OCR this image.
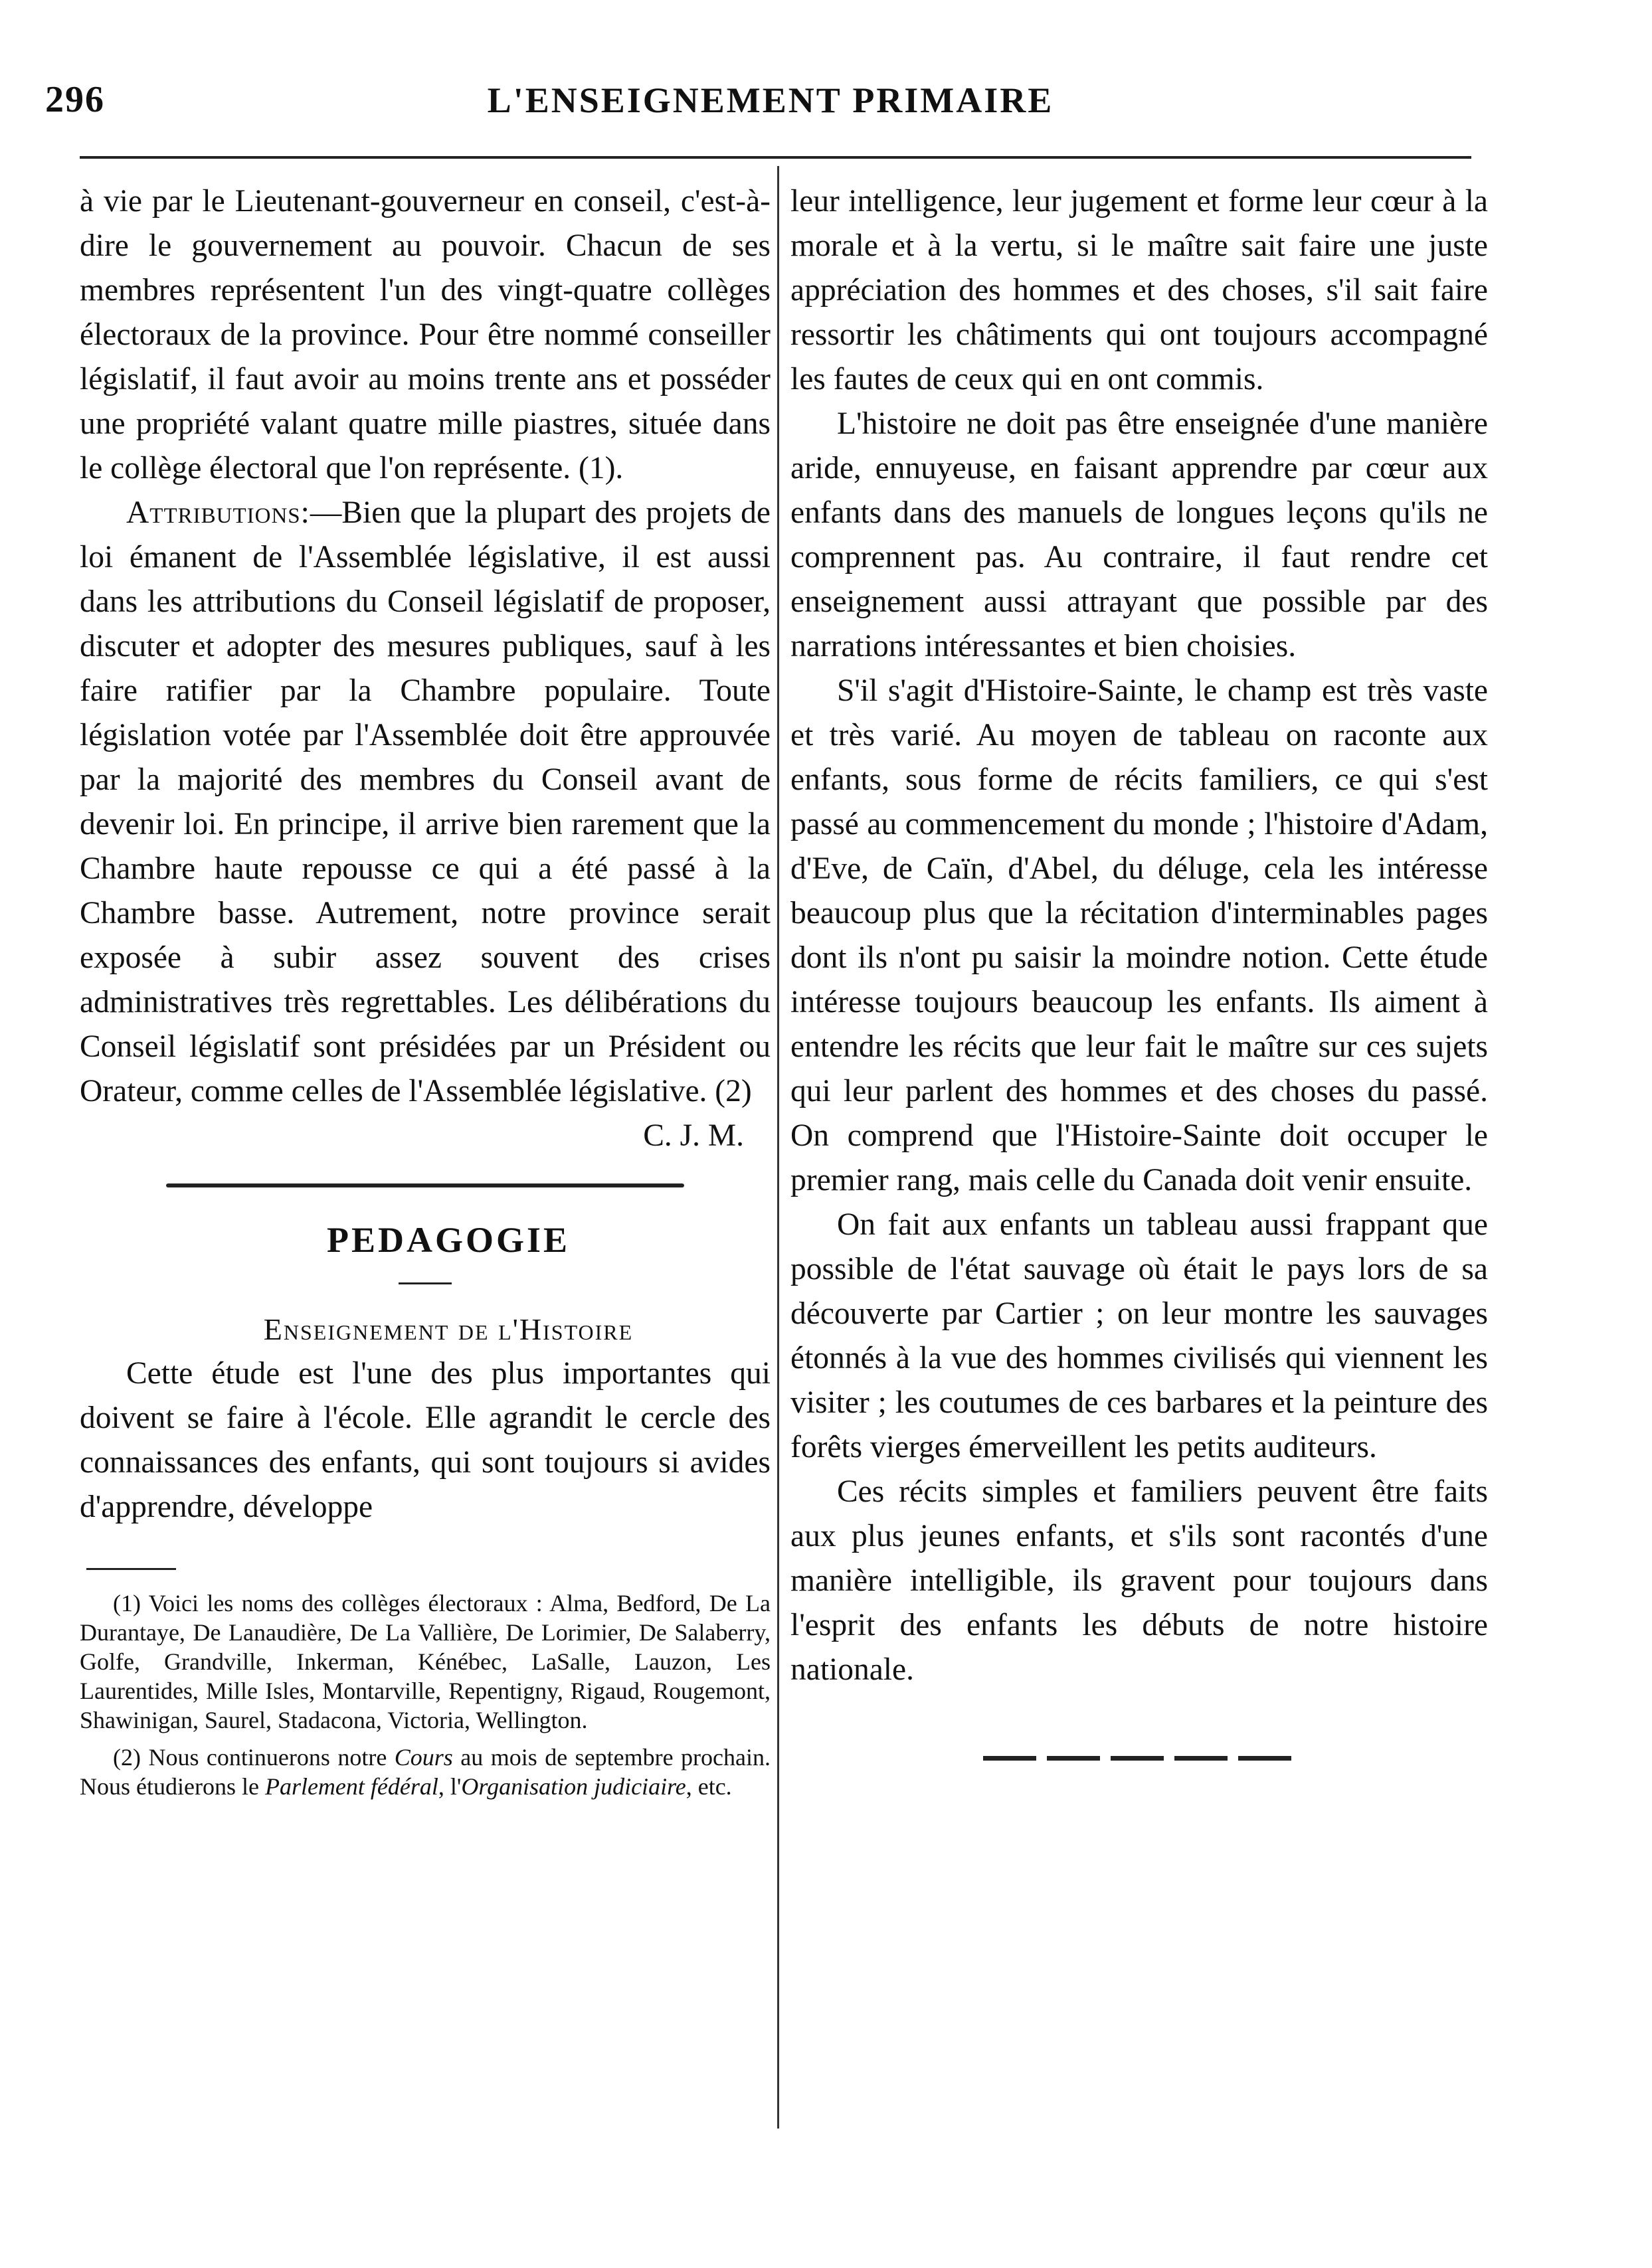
296	L'ENSEIGNEMENT PRIMAIRE

à vie par le Lieutenant-gouverneur en conseil, c'est-à-dire le gouvernement au pouvoir. Chacun de ses membres représentent l'un des vingt-quatre collèges électoraux de la province. Pour être nommé conseiller législatif, il faut avoir au moins trente ans et posséder une propriété valant quatre mille piastres, située dans le collège électoral que l'on représente. (1).

Attributions:—Bien que la plupart des projets de loi émanent de l'Assemblée législative, il est aussi dans les attributions du Conseil législatif de proposer, discuter et adopter des mesures publiques, sauf à les faire ratifier par la Chambre populaire. Toute législation votée par l'Assemblée doit être approuvée par la majorité des membres du Conseil avant de devenir loi. En principe, il arrive bien rarement que la Chambre haute repousse ce qui a été passé à la Chambre basse. Autrement, notre province serait exposée à subir assez souvent des crises administratives très regrettables. Les délibérations du Conseil législatif sont présidées par un Président ou Orateur, comme celles de l'Assemblée législative. (2)

C. J. M.

PEDAGOGIE

Enseignement de l'Histoire

Cette étude est l'une des plus importantes qui doivent se faire à l'école. Elle agrandit le cercle des connaissances des enfants, qui sont toujours si avides d'apprendre, développe

(1) Voici les noms des collèges électoraux : Alma, Bedford, De La Durantaye, De Lanaudière, De La Vallière, De Lorimier, De Salaberry, Golfe, Grandville, Inkerman, Kénébec, LaSalle, Lauzon, Les Laurentides, Mille Isles, Montarville, Repentigny, Rigaud, Rougemont, Shawinigan, Saurel, Stadacona, Victoria, Wellington.

(2) Nous continuerons notre Cours au mois de septembre prochain. Nous étudierons le Parlement fédéral, l'Organisation judiciaire, etc.

leur intelligence, leur jugement et forme leur cœur à la morale et à la vertu, si le maître sait faire une juste appréciation des hommes et des choses, s'il sait faire ressortir les châtiments qui ont toujours accompagné les fautes de ceux qui en ont commis.

L'histoire ne doit pas être enseignée d'une manière aride, ennuyeuse, en faisant apprendre par cœur aux enfants dans des manuels de longues leçons qu'ils ne comprennent pas. Au contraire, il faut rendre cet enseignement aussi attrayant que possible par des narrations intéressantes et bien choisies.

S'il s'agit d'Histoire-Sainte, le champ est très vaste et très varié. Au moyen de tableau on raconte aux enfants, sous forme de récits familiers, ce qui s'est passé au commencement du monde ; l'histoire d'Adam, d'Eve, de Caïn, d'Abel, du déluge, cela les intéresse beaucoup plus que la récitation d'interminables pages dont ils n'ont pu saisir la moindre notion. Cette étude intéresse toujours beaucoup les enfants. Ils aiment à entendre les récits que leur fait le maître sur ces sujets qui leur parlent des hommes et des choses du passé. On comprend que l'Histoire-Sainte doit occuper le premier rang, mais celle du Canada doit venir ensuite.

On fait aux enfants un tableau aussi frappant que possible de l'état sauvage où était le pays lors de sa découverte par Cartier ; on leur montre les sauvages étonnés à la vue des hommes civilisés qui viennent les visiter ; les coutumes de ces barbares et la peinture des forêts vierges émerveillent les petits auditeurs.

Ces récits simples et familiers peuvent être faits aux plus jeunes enfants, et s'ils sont racontés d'une manière intelligible, ils gravent pour toujours dans l'esprit des enfants les débuts de notre histoire nationale.
